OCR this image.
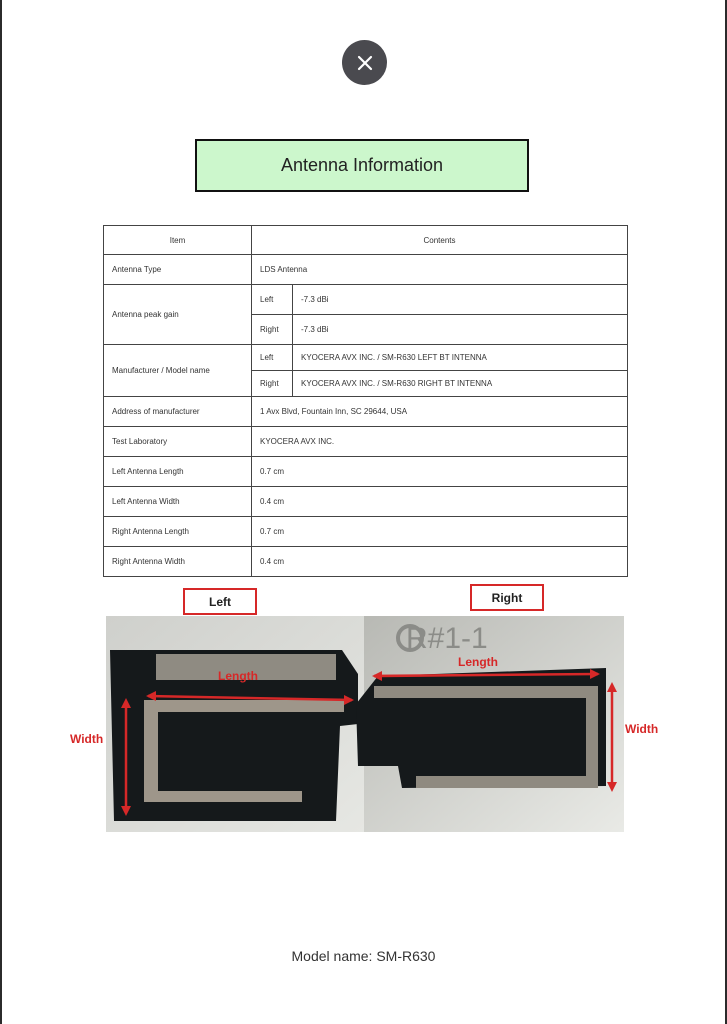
Antenna Information
Item	Contents	
Antenna Type	LDS Antenna	
Antenna peak gain	Left	-7.3 dBi
	Right	-7.3 dBi
Manufacturer / Model name	Left	KYOCERA AVX INC. / SM-R630 LEFT BT INTENNA
	Right	KYOCERA AVX INC. / SM-R630 RIGHT BT INTENNA
Address of manufacturer	1 Avx Blvd, Fountain Inn, SC 29644, USA	
Test Laboratory	KYOCERA AVX INC.	
Left Antenna Length	0.7 cm	
Left Antenna Width	0.4 cm	
Right Antenna Length	0.7 cm	
Right Antenna Width	0.4 cm	
Left	Right
R#1-1
Length
Length
Width
Width
Model name: SM-R630
